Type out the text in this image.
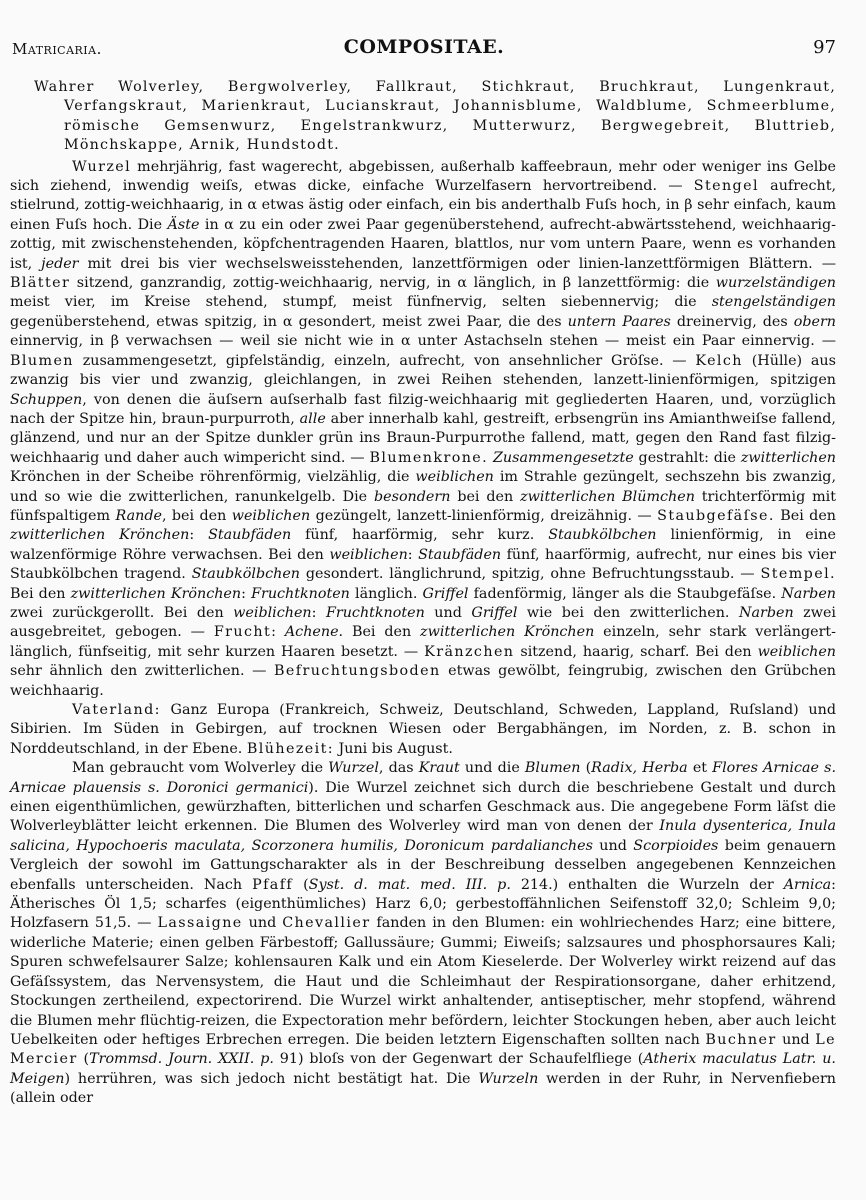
Matricaria.	COMPOSITAE.	97

Wahrer Wolverley, Bergwolverley, Fallkraut, Stichkraut, Bruchkraut, Lungenkraut, Verfangskraut, Marienkraut, Lucianskraut, Johannisblume, Waldblume, Schmeerblume, römische Gemsenwurz, Engelstrankwurz, Mutterwurz, Bergwegebreit, Bluttrieb, Mönchskappe, Arnik, Hundstodt.

Wurzel mehrjährig, fast wagerecht, abgebissen, außerhalb kaffeebraun, mehr oder weniger ins Gelbe sich ziehend, inwendig weiſs, etwas dicke, einfache Wurzelfasern hervortreibend. — Stengel aufrecht, stielrund, zottig-weichhaarig, in α etwas ästig oder einfach, ein bis anderthalb Fuſs hoch, in β sehr einfach, kaum einen Fuſs hoch. Die Äste in α zu ein oder zwei Paar gegenüberstehend, aufrecht-abwärtsstehend, weichhaarig-zottig, mit zwischenstehenden, köpfchentragenden Haaren, blattlos, nur vom untern Paare, wenn es vorhanden ist, jeder mit drei bis vier wechselsweisstehenden, lanzettförmigen oder linien-lanzettförmigen Blättern. — Blätter sitzend, ganzrandig, zottig-weichhaarig, nervig, in α länglich, in β lanzettförmig: die wurzelständigen meist vier, im Kreise stehend, stumpf, meist fünfnervig, selten siebennervig; die stengelständigen gegenüberstehend, etwas spitzig, in α gesondert, meist zwei Paar, die des untern Paares dreinervig, des obern einnervig, in β verwachsen — weil sie nicht wie in α unter Astachseln stehen — meist ein Paar einnervig. — Blumen zusammengesetzt, gipfelständig, einzeln, aufrecht, von ansehnlicher Gröſse. — Kelch (Hülle) aus zwanzig bis vier und zwanzig, gleichlangen, in zwei Reihen stehenden, lanzett-linienförmigen, spitzigen Schuppen, von denen die äuſsern auſserhalb fast filzig-weichhaarig mit gegliederten Haaren, und, vorzüglich nach der Spitze hin, braun-purpurroth, alle aber innerhalb kahl, gestreift, erbsengrün ins Amianthweiſse fallend, glänzend, und nur an der Spitze dunkler grün ins Braun-Purpurrothe fallend, matt, gegen den Rand fast filzig-weichhaarig und daher auch wimpericht sind. — Blumenkrone. Zusammengesetzte gestrahlt: die zwitterlichen Krönchen in der Scheibe röhrenförmig, vielzählig, die weiblichen im Strahle gezüngelt, sechszehn bis zwanzig, und so wie die zwitterlichen, ranunkelgelb. Die besondern bei den zwitterlichen Blümchen trichterförmig mit fünfspaltigem Rande, bei den weiblichen gezüngelt, lanzett-linienförmig, dreizähnig. — Staubgefäſse. Bei den zwitterlichen Krönchen: Staubfäden fünf, haarförmig, sehr kurz. Staubkölbchen linienförmig, in eine walzenförmige Röhre verwachsen. Bei den weiblichen: Staubfäden fünf, haarförmig, aufrecht, nur eines bis vier Staubkölbchen tragend. Staubkölbchen gesondert. länglichrund, spitzig, ohne Befruchtungsstaub. — Stempel. Bei den zwitterlichen Krönchen: Fruchtknoten länglich. Griffel fadenförmig, länger als die Staubgefäſse. Narben zwei zurückgerollt. Bei den weiblichen: Fruchtknoten und Griffel wie bei den zwitterlichen. Narben zwei ausgebreitet, gebogen. — Frucht: Achene. Bei den zwitterlichen Krönchen einzeln, sehr stark verlängert-länglich, fünfseitig, mit sehr kurzen Haaren besetzt. — Kränzchen sitzend, haarig, scharf. Bei den weiblichen sehr ähnlich den zwitterlichen. — Befruchtungsboden etwas gewölbt, feingrubig, zwischen den Grübchen weichhaarig.

Vaterland: Ganz Europa (Frankreich, Schweiz, Deutschland, Schweden, Lappland, Ruſsland) und Sibirien. Im Süden in Gebirgen, auf trocknen Wiesen oder Bergabhängen, im Norden, z. B. schon in Norddeutschland, in der Ebene. Blühezeit: Juni bis August.

Man gebraucht vom Wolverley die Wurzel, das Kraut und die Blumen (Radix, Herba et Flores Arnicae s. Arnicae plauensis s. Doronici germanici). Die Wurzel zeichnet sich durch die beschriebene Gestalt und durch einen eigenthümlichen, gewürzhaften, bitterlichen und scharfen Geschmack aus. Die angegebene Form läſst die Wolverleyblätter leicht erkennen. Die Blumen des Wolverley wird man von denen der Inula dysenterica, Inula salicina, Hypochoeris maculata, Scorzonera humilis, Doronicum pardalianches und Scorpioides beim genauern Vergleich der sowohl im Gattungscharakter als in der Beschreibung desselben angegebenen Kennzeichen ebenfalls unterscheiden. Nach Pfaff (Syst. d. mat. med. III. p. 214.) enthalten die Wurzeln der Arnica: Ätherisches Öl 1,5; scharfes (eigenthümliches) Harz 6,0; gerbestoffähnlichen Seifenstoff 32,0; Schleim 9,0; Holzfasern 51,5. — Lassaigne und Chevallier fanden in den Blumen: ein wohlriechendes Harz; eine bittere, widerliche Materie; einen gelben Färbestoff; Gallussäure; Gummi; Eiweiſs; salzsaures und phosphorsaures Kali; Spuren schwefelsaurer Salze; kohlensauren Kalk und ein Atom Kieselerde. Der Wolverley wirkt reizend auf das Gefäſssystem, das Nervensystem, die Haut und die Schleimhaut der Respirationsorgane, daher erhitzend, Stockungen zertheilend, expectorirend. Die Wurzel wirkt anhaltender, antiseptischer, mehr stopfend, während die Blumen mehr flüchtig-reizen, die Expectoration mehr befördern, leichter Stockungen heben, aber auch leicht Uebelkeiten oder heftiges Erbrechen erregen. Die beiden letztern Eigenschaften sollten nach Buchner und Le Mercier (Trommsd. Journ. XXII. p. 91) bloſs von der Gegenwart der Schaufelfliege (Atherix maculatus Latr. u. Meigen) herrühren, was sich jedoch nicht bestätigt hat. Die Wurzeln werden in der Ruhr, in Nervenfiebern (allein oder
